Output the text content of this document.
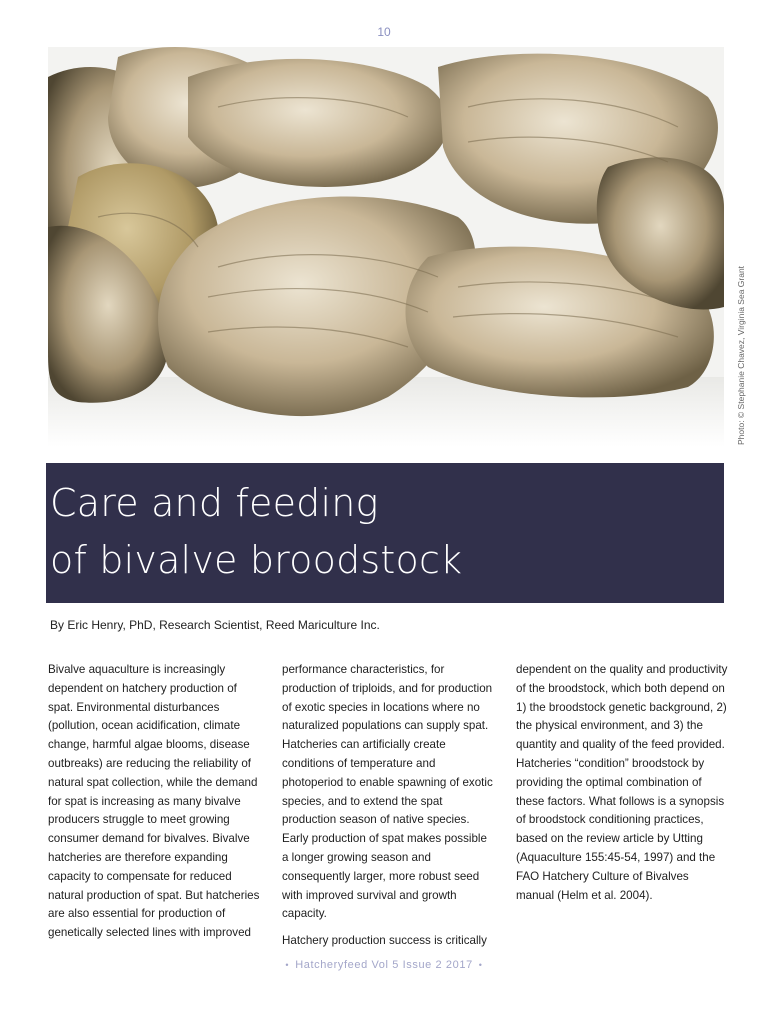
10
Photo: © Stephanie Chavez, Virginia Sea Grant
Care and feeding
of bivalve broodstock
By Eric Henry, PhD, Research Scientist, Reed Mariculture Inc.

Bivalve aquaculture is increasingly dependent on hatchery production of spat. Environmental disturbances (pollution, ocean acidification, climate change, harmful algae blooms, disease outbreaks) are reducing the reliability of natural spat collection, while the demand for spat is increasing as many bivalve producers struggle to meet growing consumer demand for bivalves. Bivalve hatcheries are therefore expanding capacity to compensate for reduced natural production of spat. But hatcheries are also essential for production of genetically selected lines with improved

performance characteristics, for production of triploids, and for production of exotic species in locations where no naturalized populations can supply spat. Hatcheries can artificially create conditions of temperature and photoperiod to enable spawning of exotic species, and to extend the spat production season of native species. Early production of spat makes possible a longer growing season and consequently larger, more robust seed with improved survival and growth capacity.

Hatchery production success is critically

dependent on the quality and productivity of the broodstock, which both depend on 1) the broodstock genetic background, 2) the physical environment, and 3) the quantity and quality of the feed provided. Hatcheries “condition” broodstock by providing the optimal combination of these factors. What follows is a synopsis of broodstock conditioning practices, based on the review article by Utting (Aquaculture 155:45-54, 1997) and the FAO Hatchery Culture of Bivalves manual (Helm et al. 2004).

• Hatcheryfeed Vol 5 Issue 2 2017 •
